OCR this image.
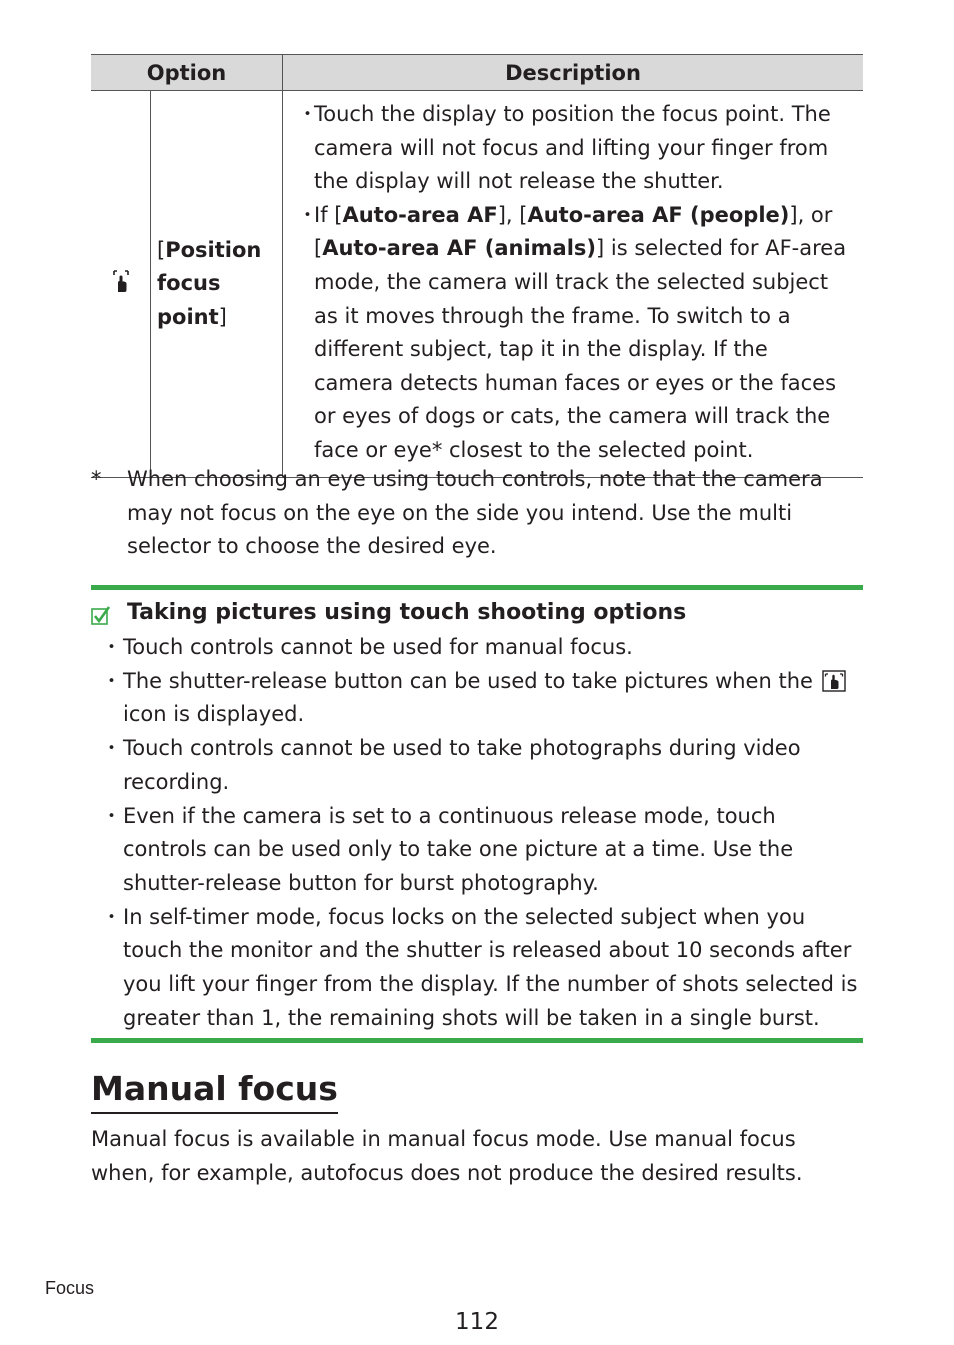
Option		Description
	[Position focus point]	・
Touch the display to position the focus point. The camera will not focus and lifting your finger from the display will not release the shutter.
・
If [Auto-area AF], [Auto-area AF (people)], or [Auto-area AF (animals)] is selected for AF-area mode, the camera will track the selected subject as it moves through the frame. To switch to a different subject, tap it in the display. If the camera detects human faces or eyes or the faces or eyes of dogs or cats, the camera will track the face or eye* closest to the selected point.
* When choosing an eye using touch controls, note that the camera may not focus on the eye on the side you intend. Use the multi selector to choose the desired eye.
Taking pictures using touch shooting options
・ Touch controls cannot be used for manual focus.
・ The shutter-release button can be used to take pictures when the icon is displayed.
・ Touch controls cannot be used to take photographs during video recording.
・ Even if the camera is set to a continuous release mode, touch controls can be used only to take one picture at a time. Use the shutter-release button for burst photography.
・ In self-timer mode, focus locks on the selected subject when you touch the monitor and the shutter is released about 10 seconds after you lift your finger from the display. If the number of shots selected is greater than 1, the remaining shots will be taken in a single burst.
Manual focus

Manual focus is available in manual focus mode. Use manual focus when, for example, autofocus does not produce the desired results.

Focus
112
